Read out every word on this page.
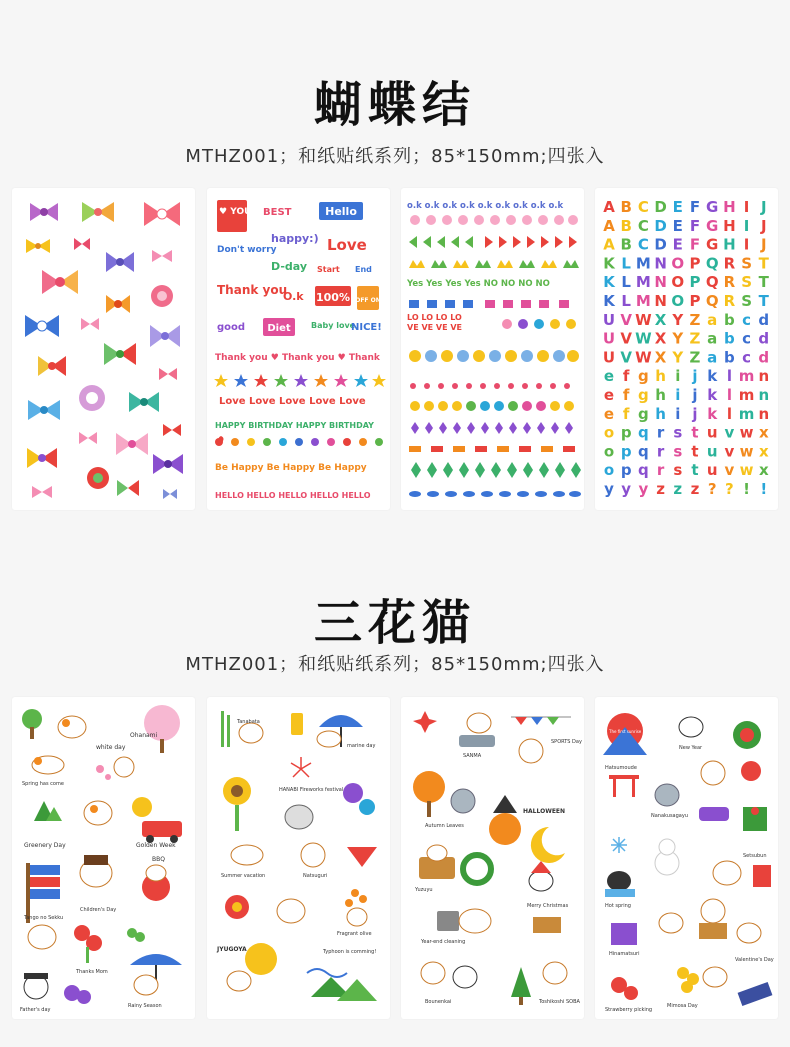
蝴蝶结
MTHZ001；和纸贴纸系列；85*150mm;四张入
I ♥ YOU BEST	Hello
Don't worry
happy:) Love
D-day Start End
Thank you
O.k 100% OFF ON
good Diet	Baby love
NICE!
Thank you ♥ Thank you ♥ Thank
Love Love Love Love Love
HAPPY BIRTHDAY HAPPY BIRTHDAY
Be Happy Be Happy Be Happy
HELLO HELLO HELLO HELLO HELLO
o.k o.k o.k o.k o.k o.k o.k o.k o.k
Yes Yes Yes Yes NO NO NO NO
LO LO LO LO
VE VE VE VE
A B C D E F G H I J
A B C D E F G H I J
A B C D E F G H I J
K L M N O P Q R S T
K L M N O P Q R S T
K L M N O P Q R S T
U V W X Y Z a b c d
U V W X Y Z a b c d
U V W X Y Z a b c d
e f g h i j k l m n
e f g h i j k l m n
e f g h i j k l m n
o p q r s t u v w x
o p q r s t u v w x
o p q r s t u v w x
y y y z z z ? ? ! !
三花猫
MTHZ001；和纸贴纸系列；85*150mm;四张入
white day
Ohanami
Spring has come
Greenery Day	Golden Week
Tango no Sekku
Children's Day
BBQ
Thanks Mom
Rainy Season
Father's day
Tanabata
marine day
HANABI Fireworks festival
Summer vacation	Natsuguri
Fragrant olive
JYUGOYA	Typhoon is comming!
SANMA
SPORTS Day
Autumn Leaves
HALLOWEEN
Yuzuyu
Merry Christmas
Year-end cleaning
Bounenkai	Toshikoshi SOBA
The first sunrise
New Year
Hatsumoude
Nanakusagayu
Setsubun
Hot spring
Hinamatsuri
Valentine's Day
Strawberry picking
Mimosa Day
